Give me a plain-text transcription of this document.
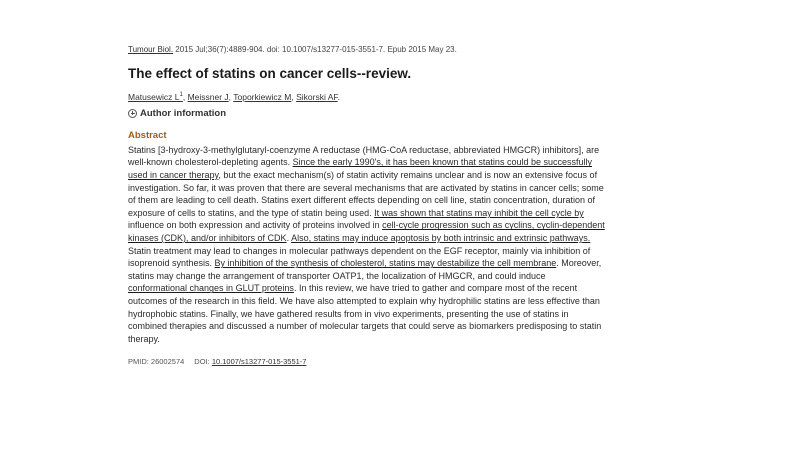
Tumour Biol. 2015 Jul;36(7):4889-904. doi: 10.1007/s13277-015-3551-7. Epub 2015 May 23.
The effect of statins on cancer cells--review.
Matusewicz $L^1$, Meissner J, Toporkiewicz M, Sikorski AF.
Author information
Abstract
Statins [3-hydroxy-3-methylglutaryl-coenzyme A reductase (HMG-CoA reductase, abbreviated HMGCR) inhibitors], are
well-known cholesterol-depleting agents. Since the early 1990's, it has been known that statins could be successfully
used in cancer therapy, but the exact mechanism(s) of statin activity remains unclear and is now an extensive focus of
investigation. So far, it was proven that there are several mechanisms that are activated by statins in cancer cells; some
of them are leading to cell death. Statins exert different effects depending on cell line, statin concentration, duration of
exposure of cells to statins, and the type of statin being used. It was shown that statins may inhibit the cell cycle by
influence on both expression and activity of proteins involved in cell-cycle progression such as cyclins, cyclin-dependent
kinases (CDK), and/or inhibitors of CDK. Also, statins may induce apoptosis by both intrinsic and extrinsic pathways.
Statin treatment may lead to changes in molecular pathways dependent on the EGF receptor, mainly via inhibition of
isoprenoid synthesis. By inhibition of the synthesis of cholesterol, statins may destabilize the cell membrane. Moreover,
statins may change the arrangement of transporter OATP1, the localization of HMGCR, and could induce
conformational changes in GLUT proteins. In this review, we have tried to gather and compare most of the recent
outcomes of the research in this field. We have also attempted to explain why hydrophilic statins are less effective than
hydrophobic statins. Finally, we have gathered results from in vivo experiments, presenting the use of statins in
combined therapies and discussed a number of molecular targets that could serve as biomarkers predisposing to statin
therapy.
PMID: 26002574 DOI: 10.1007/s13277-015-3551-7
